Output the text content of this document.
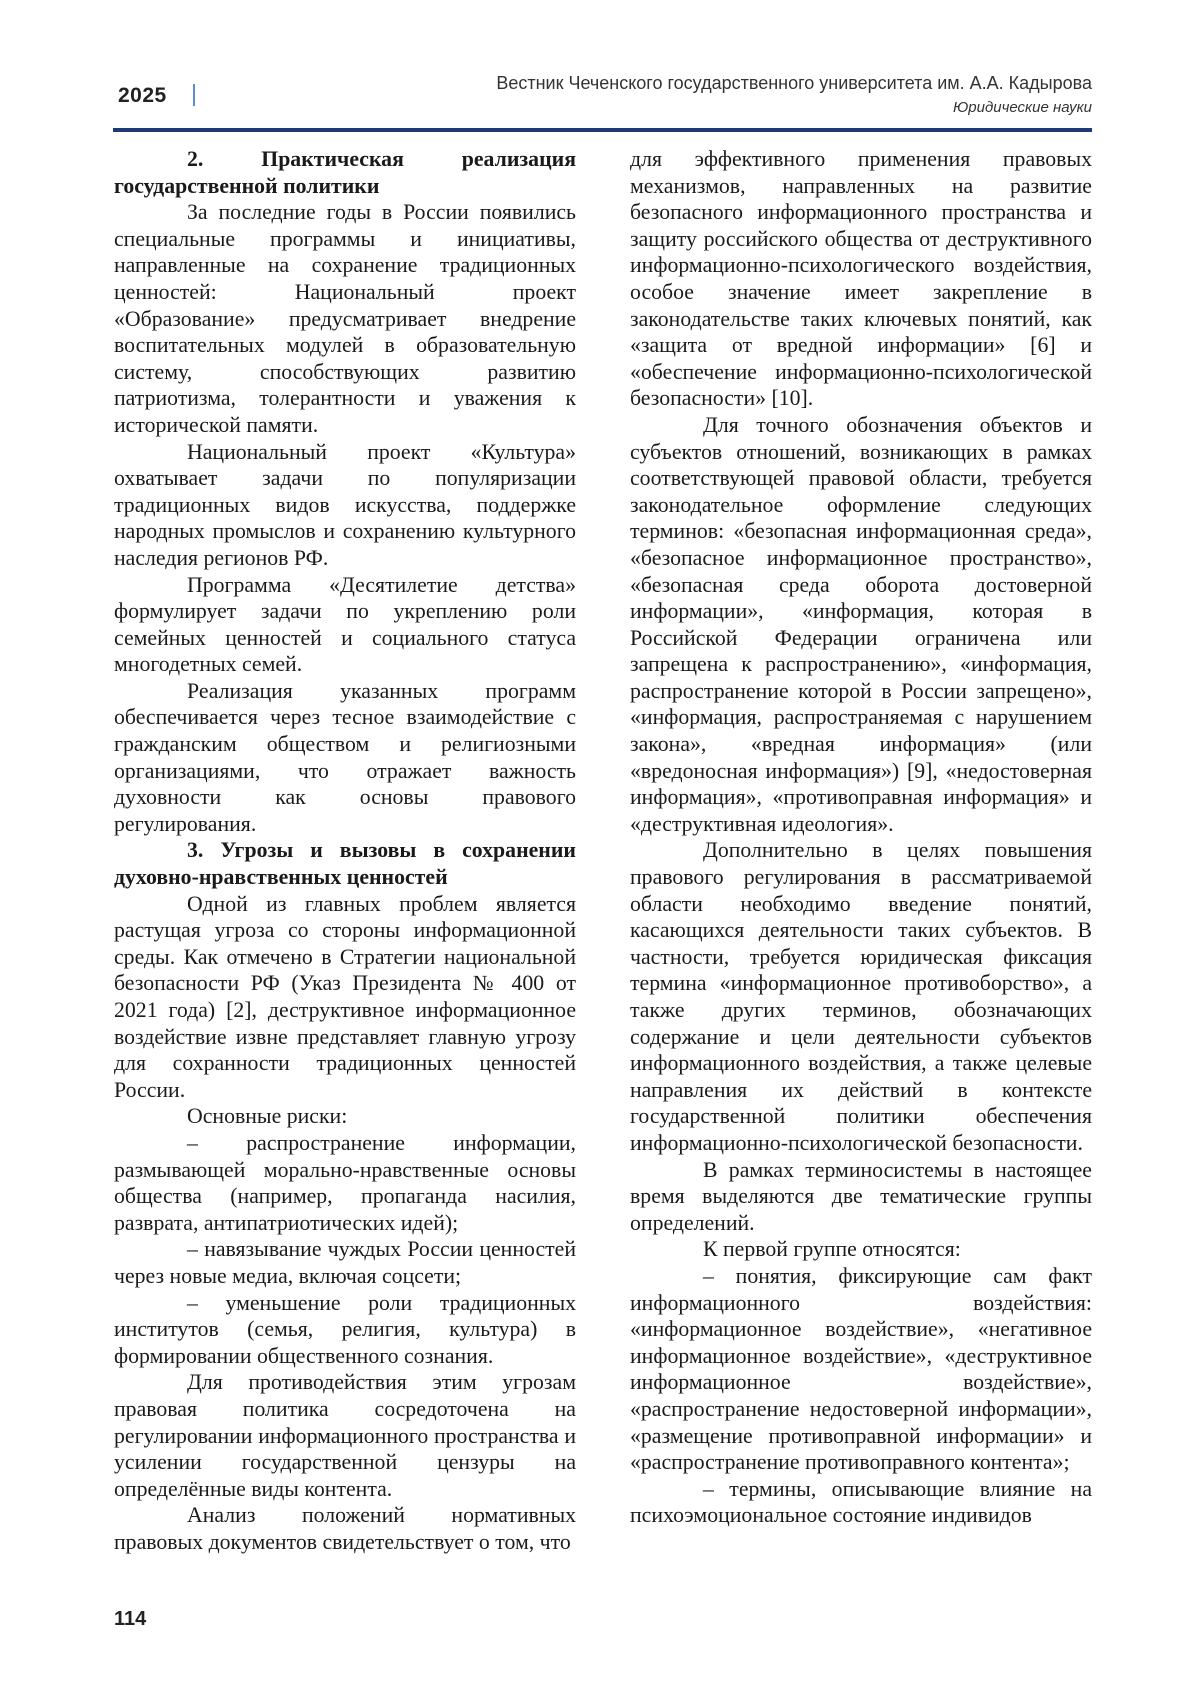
2025
Вестник Чеченского государственного университета им. А.А. Кадырова
Юридические науки
2. Практическая реализация государственной политики

За последние годы в России появились специальные программы и инициативы, направленные на сохранение традиционных ценностей: Национальный проект «Образование» предусматривает внедрение воспитательных модулей в образовательную систему, способствующих развитию патриотизма, толерантности и уважения к исторической памяти.

Национальный проект «Культура» охватывает задачи по популяризации традиционных видов искусства, поддержке народных промыслов и сохранению культурного наследия регионов РФ.

Программа «Десятилетие детства» формулирует задачи по укреплению роли семейных ценностей и социального статуса многодетных семей.

Реализация указанных программ обеспечивается через тесное взаимодействие с гражданским обществом и религиозными организациями, что отражает важность духовности как основы правового регулирования.

3. Угрозы и вызовы в сохранении духовно-нравственных ценностей

Одной из главных проблем является растущая угроза со стороны информационной среды. Как отмечено в Стратегии национальной безопасности РФ (Указ Президента № 400 от 2021 года) [2], деструктивное информационное воздействие извне представляет главную угрозу для сохранности традиционных ценностей России.

Основные риски:

– распространение информации, размывающей морально-нравственные основы общества (например, пропаганда насилия, разврата, антипатриотических идей);

– навязывание чуждых России ценностей через новые медиа, включая соцсети;

– уменьшение роли традиционных институтов (семья, религия, культура) в формировании общественного сознания.

Для противодействия этим угрозам правовая политика сосредоточена на регулировании информационного пространства и усилении государственной цензуры на определённые виды контента.

Анализ положений нормативных правовых документов свидетельствует о том, что

для эффективного применения правовых механизмов, направленных на развитие безопасного информационного пространства и защиту российского общества от деструктивного информационно-психологического воздействия, особое значение имеет закрепление в законодательстве таких ключевых понятий, как «защита от вредной информации» [6] и «обеспечение информационно-психологической безопасности» [10].

Для точного обозначения объектов и субъектов отношений, возникающих в рамках соответствующей правовой области, требуется законодательное оформление следующих терминов: «безопасная информационная среда», «безопасное информационное пространство», «безопасная среда оборота достоверной информации», «информация, которая в Российской Федерации ограничена или запрещена к распространению», «информация, распространение которой в России запрещено», «информация, распространяемая с нарушением закона», «вредная информация» (или «вредоносная информация») [9], «недостоверная информация», «противоправная информация» и «деструктивная идеология».

Дополнительно в целях повышения правового регулирования в рассматриваемой области необходимо введение понятий, касающихся деятельности таких субъектов. В частности, требуется юридическая фиксация термина «информационное противоборство», а также других терминов, обозначающих содержание и цели деятельности субъектов информационного воздействия, а также целевые направления их действий в контексте государственной политики обеспечения информационно-психологической безопасности.

В рамках терминосистемы в настоящее время выделяются две тематические группы определений.

К первой группе относятся:

– понятия, фиксирующие сам факт информационного воздействия: «информационное воздействие», «негативное информационное воздействие», «деструктивное информационное воздействие», «распространение недостоверной информации», «размещение противоправной информации» и «распространение противоправного контента»;

– термины, описывающие влияние на психоэмоциональное состояние индивидов

114
